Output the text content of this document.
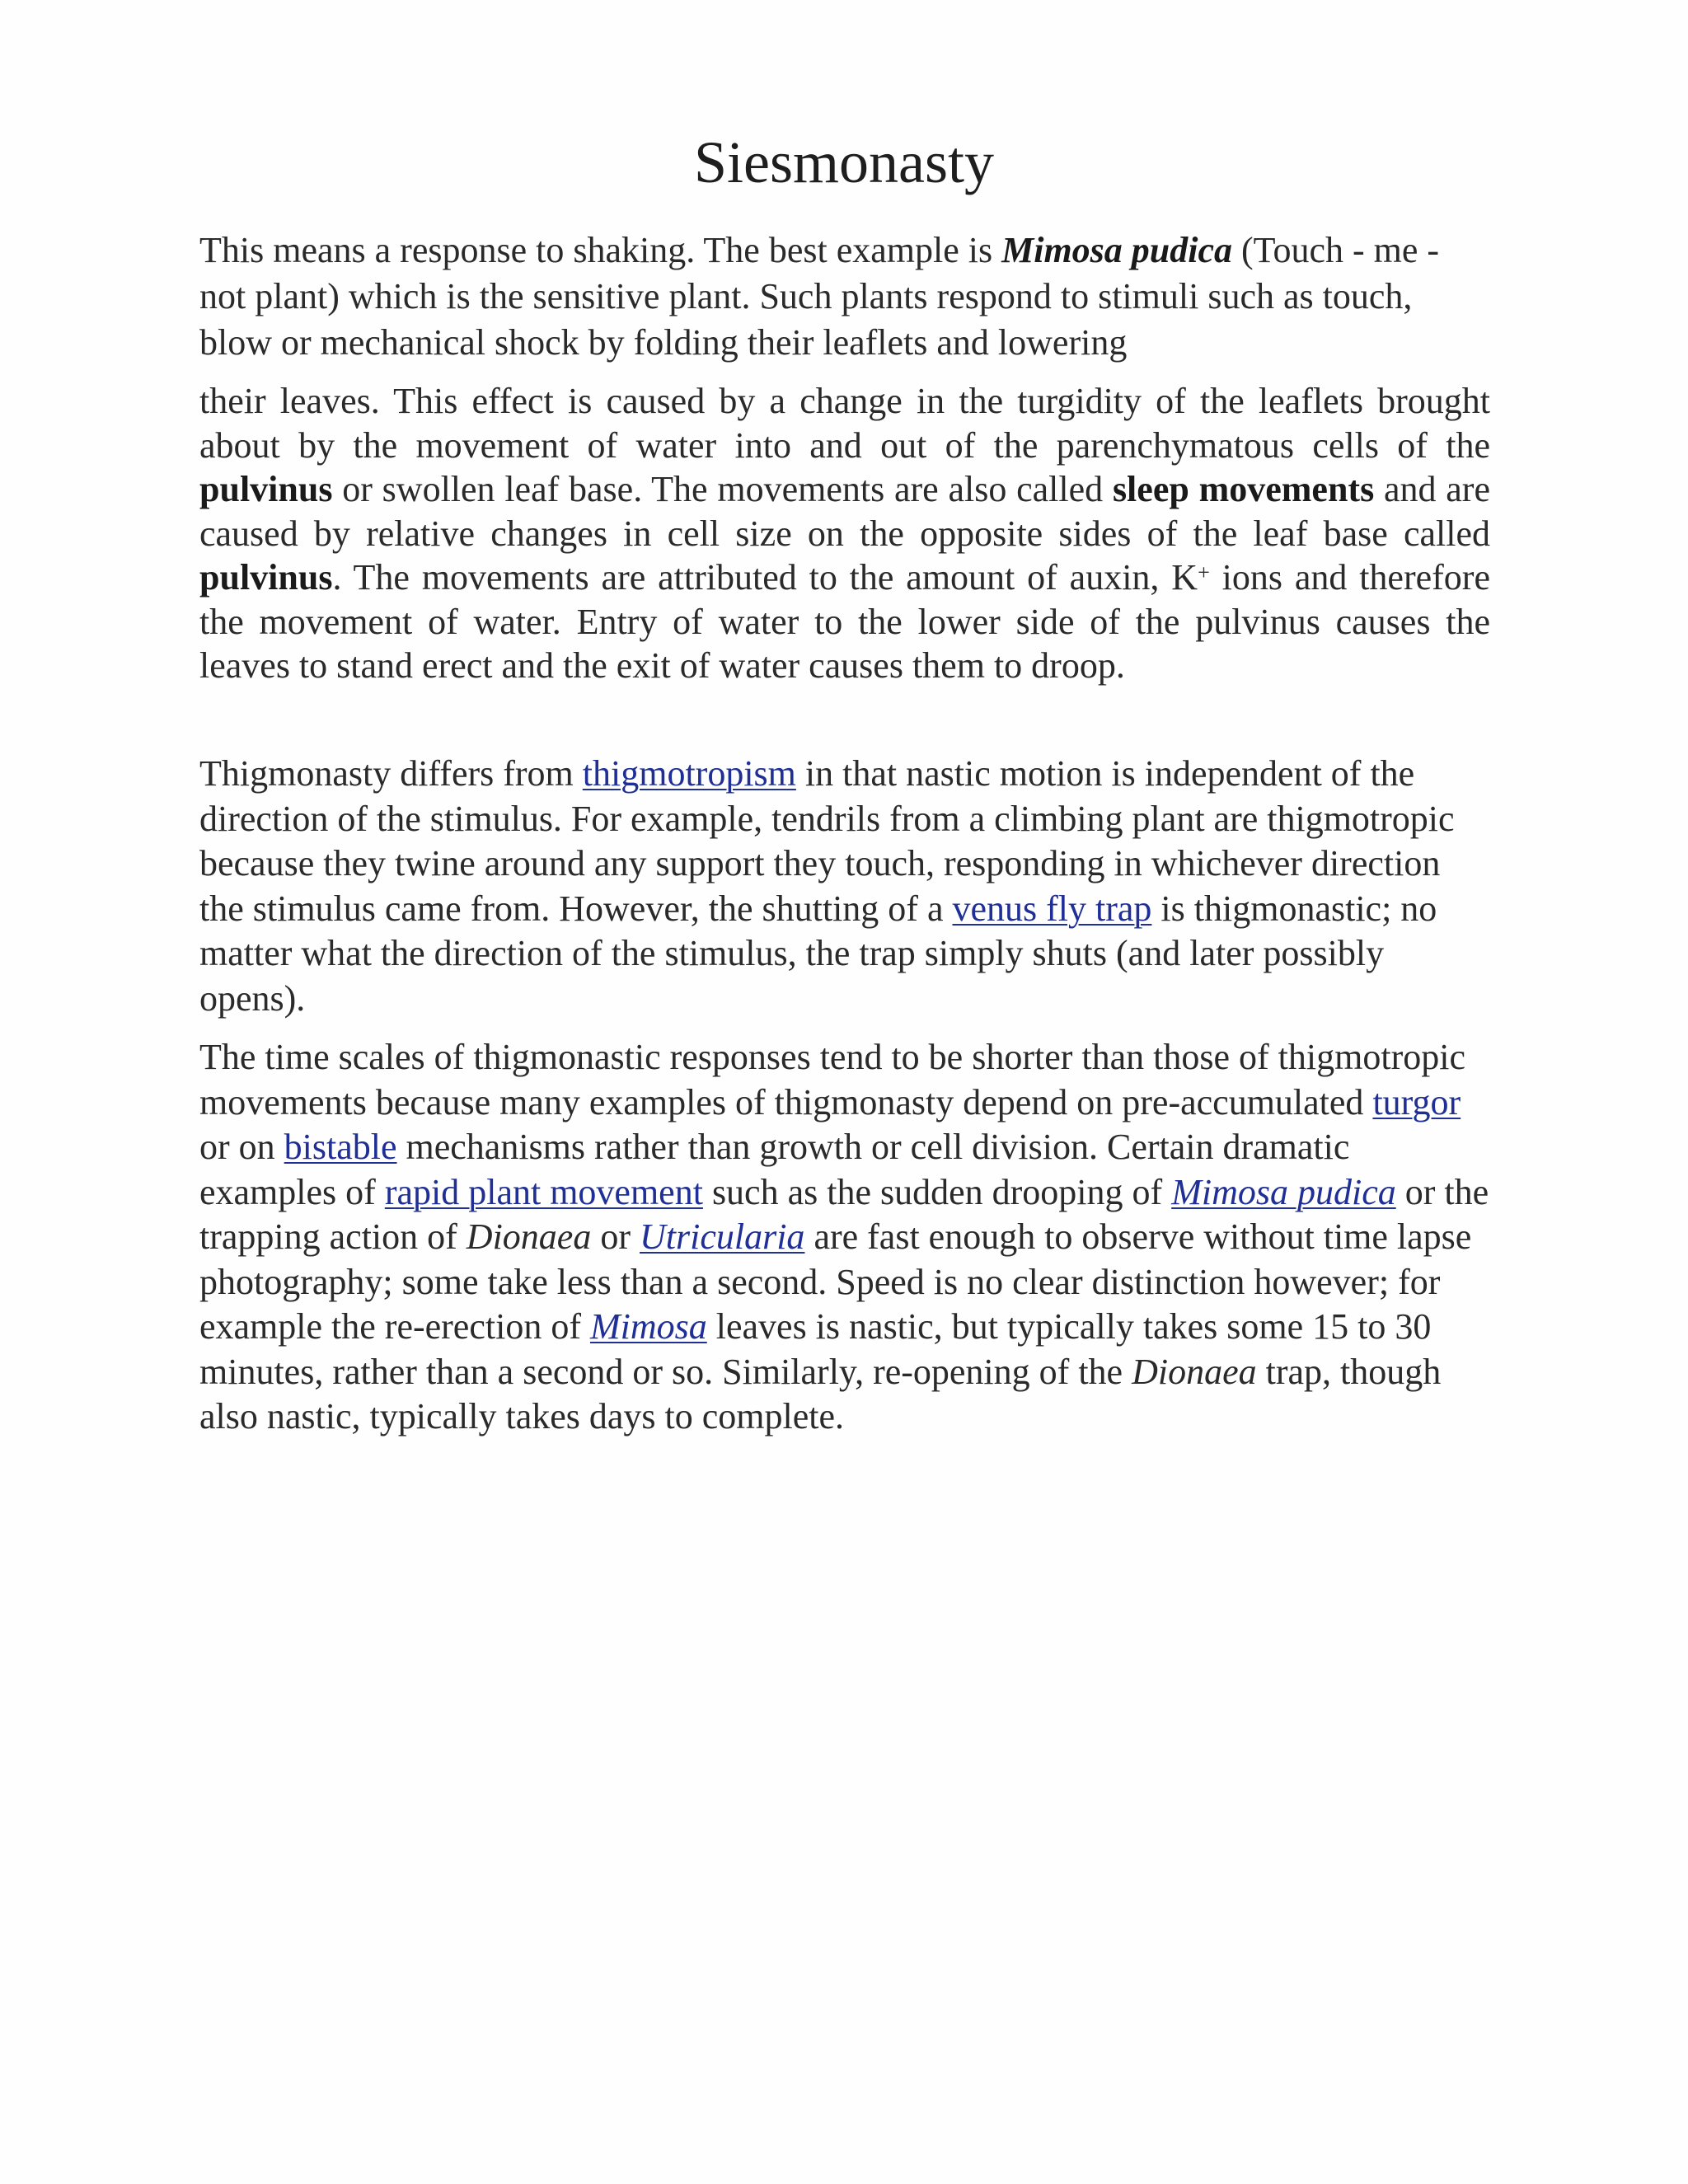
Siesmonasty

This means a response to shaking. The best example is Mimosa pudica (Touch - me - not plant) which is the sensitive plant. Such plants respond to stimuli such as touch, blow or mechanical shock by folding their leaflets and lowering

their leaves. This effect is caused by a change in the turgidity of the leaflets brought about by the movement of water into and out of the parenchymatous cells of the pulvinus or swollen leaf base. The movements are also called sleep movements and are caused by relative changes in cell size on the opposite sides of the leaf base called pulvinus. The movements are attributed to the amount of auxin, K+ ions and therefore the movement of water. Entry of water to the lower side of the pulvinus causes the leaves to stand erect and the exit of water causes them to droop.

Thigmonasty differs from thigmotropism in that nastic motion is independent of the direction of the stimulus. For example, tendrils from a climbing plant are thigmotropic because they twine around any support they touch, responding in whichever direction the stimulus came from. However, the shutting of a venus fly trap is thigmonastic; no matter what the direction of the stimulus, the trap simply shuts (and later possibly opens).

The time scales of thigmonastic responses tend to be shorter than those of thigmotropic movements because many examples of thigmonasty depend on pre-accumulated turgor or on bistable mechanisms rather than growth or cell division. Certain dramatic examples of rapid plant movement such as the sudden drooping of Mimosa pudica or the trapping action of Dionaea or Utricularia are fast enough to observe without time lapse photography; some take less than a second. Speed is no clear distinction however; for example the re-erection of Mimosa leaves is nastic, but typically takes some 15 to 30 minutes, rather than a second or so. Similarly, re-opening of the Dionaea trap, though also nastic, typically takes days to complete.
